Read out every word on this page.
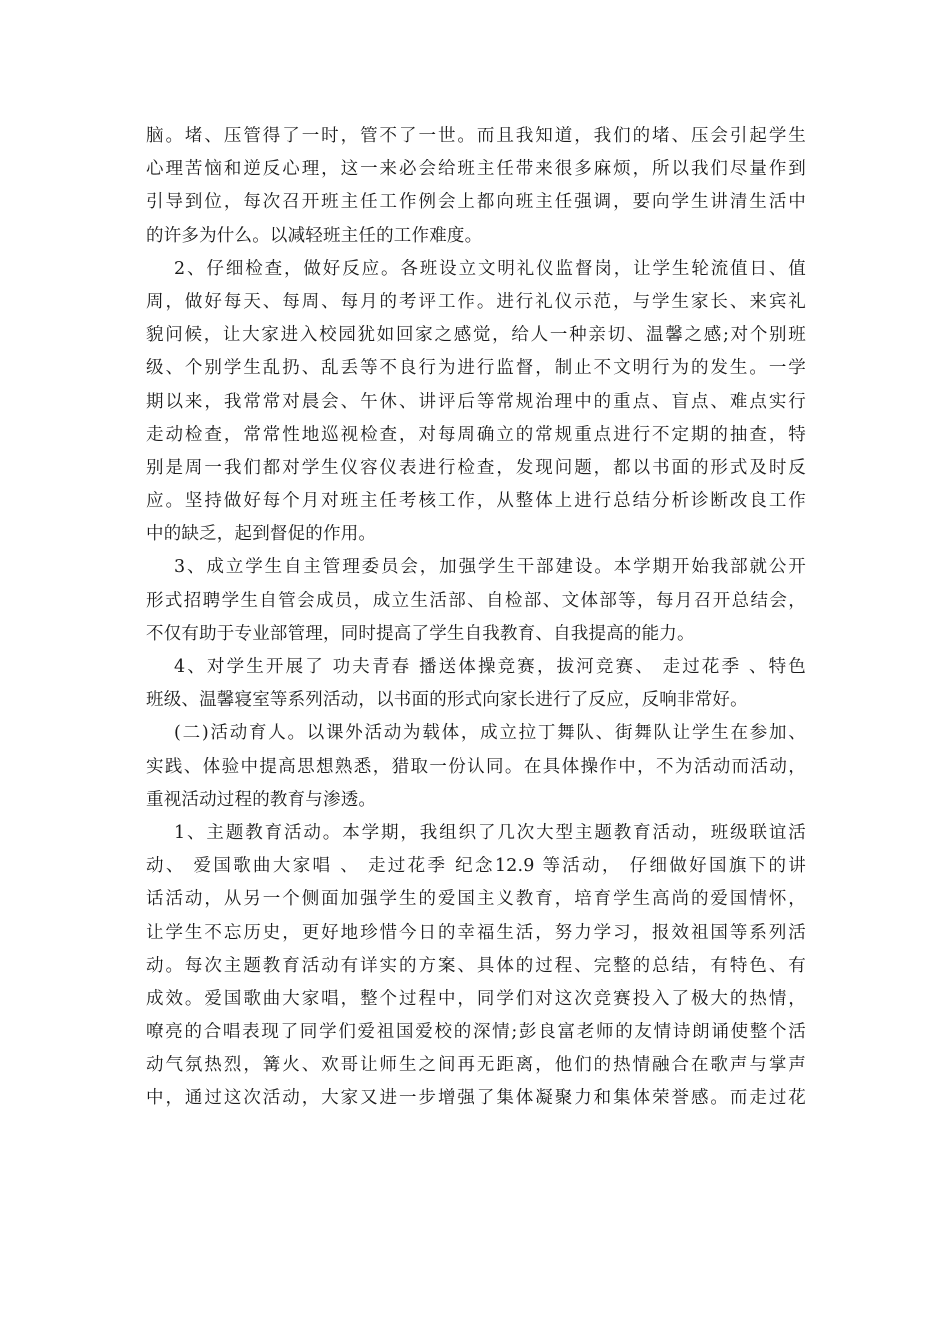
脑。堵、压管得了一时，管不了一世。而且我知道，我们的堵、压会引起学生
心理苦恼和逆反心理，这一来必会给班主任带来很多麻烦，所以我们尽量作到
引导到位，每次召开班主任工作例会上都向班主任强调，要向学生讲清生活中
的许多为什么。以减轻班主任的工作难度。
2、仔细检查，做好反应。各班设立文明礼仪监督岗，让学生轮流值日、值
周，做好每天、每周、每月的考评工作。进行礼仪示范，与学生家长、来宾礼
貌问候，让大家进入校园犹如回家之感觉，给人一种亲切、温馨之感;对个别班
级、个别学生乱扔、乱丢等不良行为进行监督，制止不文明行为的发生。一学
期以来，我常常对晨会、午休、讲评后等常规治理中的重点、盲点、难点实行
走动检查，常常性地巡视检查，对每周确立的常规重点进行不定期的抽查，特
别是周一我们都对学生仪容仪表进行检查，发现问题，都以书面的形式及时反
应。坚持做好每个月对班主任考核工作，从整体上进行总结分析诊断改良工作
中的缺乏，起到督促的作用。
3、成立学生自主管理委员会，加强学生干部建设。本学期开始我部就公开
形式招聘学生自管会成员，成立生活部、自检部、文体部等，每月召开总结会，
不仅有助于专业部管理，同时提高了学生自我教育、自我提高的能力。
4、对学生开展了 功夫青春 播送体操竞赛，拔河竞赛、 走过花季 、特色
班级、温馨寝室等系列活动，以书面的形式向家长进行了反应，反响非常好。
(二)活动育人。以课外活动为载体，成立拉丁舞队、街舞队让学生在参加、
实践、体验中提高思想熟悉，猎取一份认同。在具体操作中，不为活动而活动，
重视活动过程的教育与渗透。
1、主题教育活动。本学期，我组织了几次大型主题教育活动，班级联谊活
动、 爱国歌曲大家唱 、 走过花季 纪念12.9 等活动， 仔细做好国旗下的讲
话活动，从另一个侧面加强学生的爱国主义教育，培育学生高尚的爱国情怀，
让学生不忘历史，更好地珍惜今日的幸福生活，努力学习，报效祖国等系列活
动。每次主题教育活动有详实的方案、具体的过程、完整的总结，有特色、有
成效。爱国歌曲大家唱，整个过程中，同学们对这次竞赛投入了极大的热情，
嘹亮的合唱表现了同学们爱祖国爱校的深情;彭良富老师的友情诗朗诵使整个活
动气氛热烈，篝火、欢哥让师生之间再无距离，他们的热情融合在歌声与掌声
中，通过这次活动，大家又进一步增强了集体凝聚力和集体荣誉感。而走过花
